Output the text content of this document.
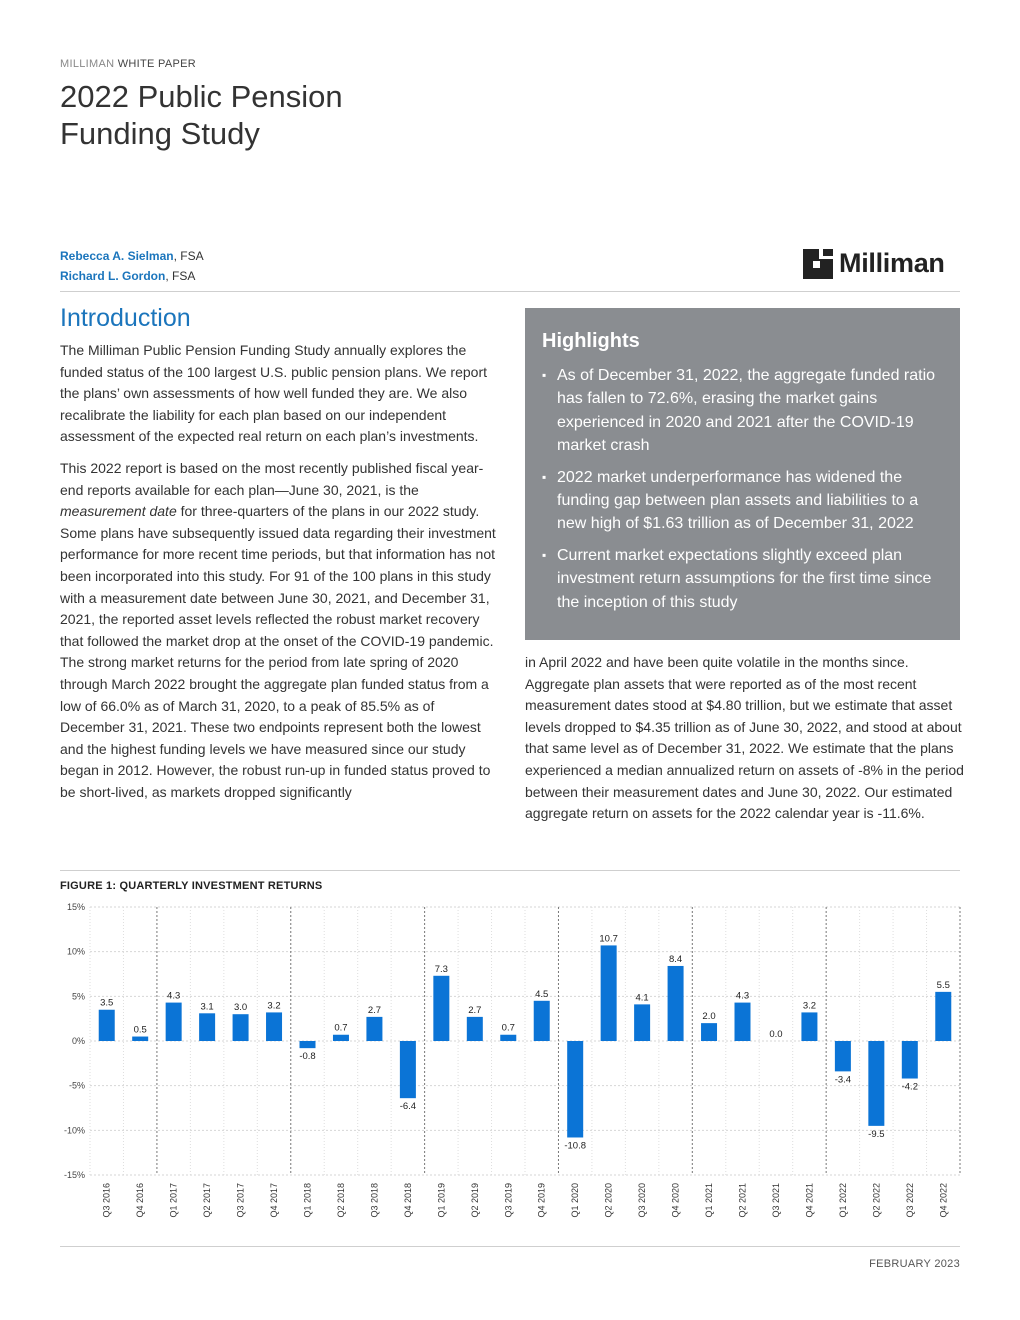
MILLIMAN WHITE PAPER
2022 Public Pension
Funding Study
Rebecca A. Sielman, FSA
Richard L. Gordon, FSA	Milliman
Introduction

The Milliman Public Pension Funding Study annually explores the funded status of the 100 largest U.S. public pension plans. We report the plans’ own assessments of how well funded they are. We also recalibrate the liability for each plan based on our independent assessment of the expected real return on each plan’s investments.

This 2022 report is based on the most recently published fiscal year-end reports available for each plan—June 30, 2021, is the measurement date for three-quarters of the plans in our 2022 study. Some plans have subsequently issued data regarding their investment performance for more recent time periods, but that information has not been incorporated into this study. For 91 of the 100 plans in this study with a measurement date between June 30, 2021, and December 31, 2021, the reported asset levels reflected the robust market recovery that followed the market drop at the onset of the COVID-19 pandemic. The strong market returns for the period from late spring of 2020 through March 2022 brought the aggregate plan funded status from a low of 66.0% as of March 31, 2020, to a peak of 85.5% as of December 31, 2021. These two endpoints represent both the lowest and the highest funding levels we have measured since our study began in 2012. However, the robust run-up in funded status proved to be short-lived, as markets dropped significantly

Highlights
▪ As of December 31, 2022, the aggregate funded ratio has fallen to 72.6%, erasing the market gains experienced in 2020 and 2021 after the COVID-19 market crash
▪ 2022 market underperformance has widened the funding gap between plan assets and liabilities to a new high of $1.63 trillion as of December 31, 2022
▪ Current market expectations slightly exceed plan investment return assumptions for the first time since the inception of this study

in April 2022 and have been quite volatile in the months since. Aggregate plan assets that were reported as of the most recent measurement dates stood at $4.80 trillion, but we estimate that asset levels dropped to $4.35 trillion as of June 30, 2022, and stood at about that same level as of December 31, 2022. We estimate that the plans experienced a median annualized return on assets of -8% in the period between their measurement dates and June 30, 2022. Our estimated aggregate return on assets for the 2022 calendar year is -11.6%.

FIGURE 1: QUARTERLY INVESTMENT RETURNS
15%
10%
5%
0%
-5%
-10%
-15%
3.5
Q3 2016
0.5
Q4 2016
4.3
Q1 2017
3.1
Q2 2017
3.0
Q3 2017
3.2
Q4 2017
-0.8
Q1 2018
0.7
Q2 2018
2.7
Q3 2018
-6.4
Q4 2018
7.3
Q1 2019
2.7
Q2 2019
0.7
Q3 2019
4.5
Q4 2019
-10.8
Q1 2020
10.7
Q2 2020
4.1
Q3 2020
8.4
Q4 2020
2.0
Q1 2021
4.3
Q2 2021
0.0
Q3 2021
3.2
Q4 2021
-3.4
Q1 2022
-9.5
Q2 2022
-4.2
Q3 2022
5.5
Q4 2022
FEBRUARY 2023
